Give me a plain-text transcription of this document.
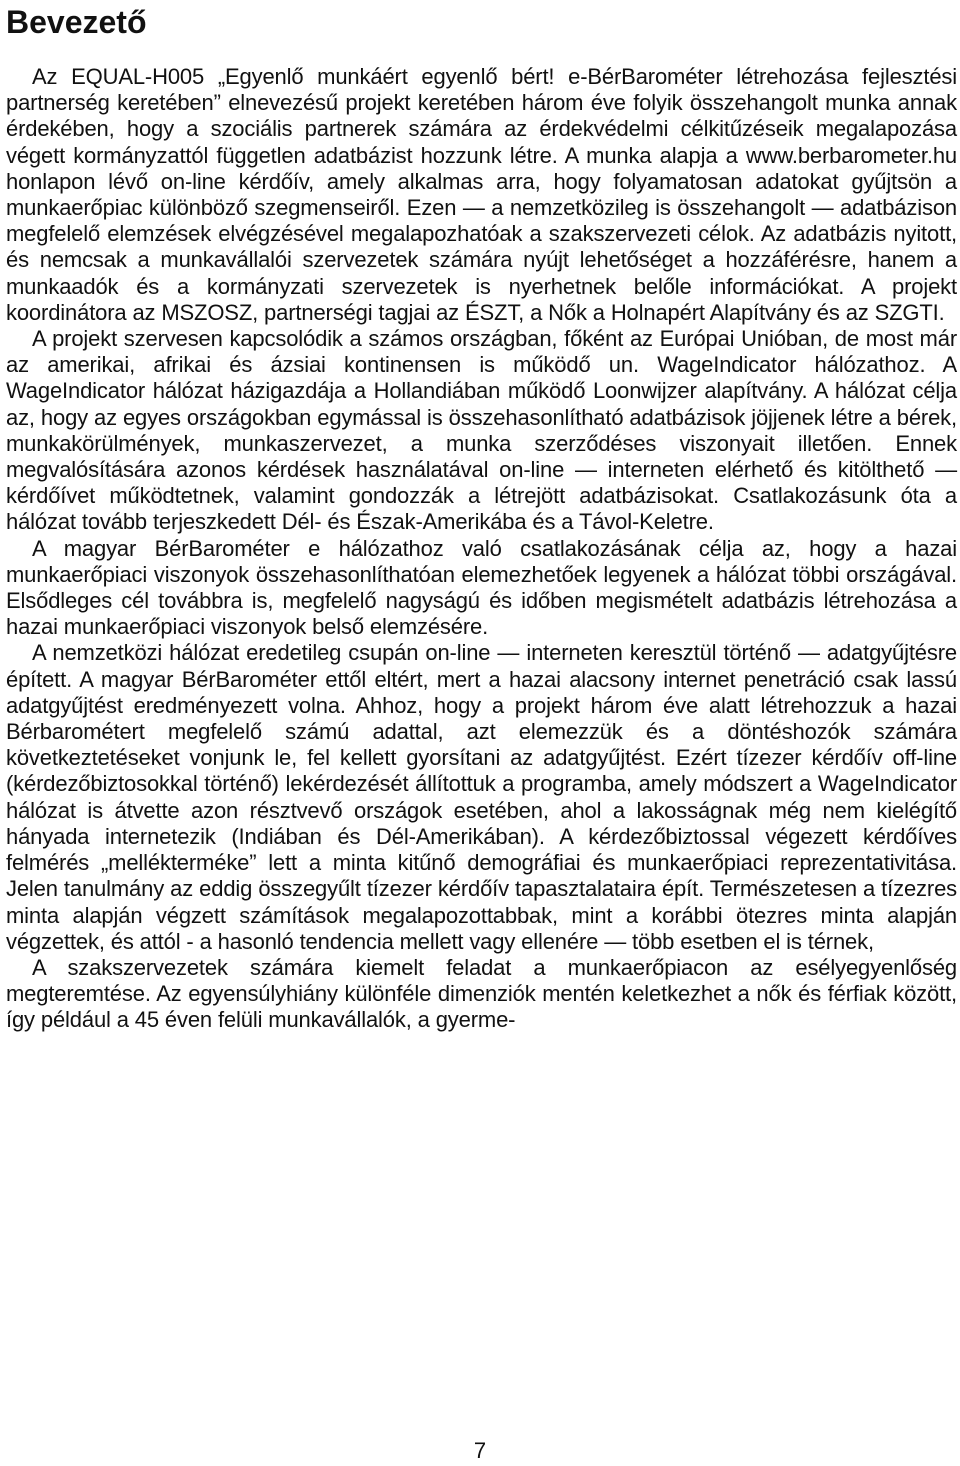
Bevezető

Az EQUAL-H005 „Egyenlő munkáért egyenlő bért! e-BérBarométer létrehozása fejlesztési partnerség keretében” elnevezésű projekt keretében három éve folyik összehangolt munka annak érdekében, hogy a szociális partnerek számára az érdekvédelmi célkitűzéseik megalapozása végett kormányzattól független adatbázist hozzunk létre. A munka alapja a www.berbarometer.hu honlapon lévő on-line kérdőív, amely alkalmas arra, hogy folyamatosan adatokat gyűjtsön a munkaerőpiac különböző szegmenseiről. Ezen — a nemzetközileg is összehangolt — adatbázison megfelelő elemzések elvégzésével megalapozhatóak a szakszervezeti célok. Az adatbázis nyitott, és nemcsak a munkavállalói szervezetek számára nyújt lehetőséget a hozzáférésre, hanem a munkaadók és a kormányzati szervezetek is nyerhetnek belőle információkat. A projekt koordinátora az MSZOSZ, partnerségi tagjai az ÉSZT, a Nők a Holnapért Alapítvány és az SZGTI.

A projekt szervesen kapcsolódik a számos országban, főként az Európai Unióban, de most már az amerikai, afrikai és ázsiai kontinensen is működő un. WageIndicator hálózathoz. A WageIndicator hálózat házigazdája a Hollandiában működő Loonwijzer alapítvány. A hálózat célja az, hogy az egyes országokban egymással is összehasonlítható adatbázisok jöjjenek létre a bérek, munkakörülmények, munkaszervezet, a munka szerződéses viszonyait illetően. Ennek megvalósítására azonos kérdések használatával on-line — interneten elérhető és kitölthető — kérdőívet működtetnek, valamint gondozzák a létrejött adatbázisokat. Csatlakozásunk óta a hálózat tovább terjeszkedett Dél- és Észak-Amerikába és a Távol-Keletre.

A magyar BérBarométer e hálózathoz való csatlakozásának célja az, hogy a hazai munkaerőpiaci viszonyok összehasonlíthatóan elemezhetőek legyenek a hálózat többi országával. Elsődleges cél továbbra is, megfelelő nagyságú és időben megismételt adatbázis létrehozása a hazai munkaerőpiaci viszonyok belső elemzésére.

A nemzetközi hálózat eredetileg csupán on-line — interneten keresztül történő — adatgyűjtésre épített. A magyar BérBarométer ettől eltért, mert a hazai alacsony internet penetráció csak lassú adatgyűjtést eredményezett volna. Ahhoz, hogy a projekt három éve alatt létrehozzuk a hazai Bérbarométert megfelelő számú adattal, azt elemezzük és a döntéshozók számára következtetéseket vonjunk le, fel kellett gyorsítani az adatgyűjtést. Ezért tízezer kérdőív off-line (kérdezőbiztosokkal történő) lekérdezését állítottuk a programba, amely módszert a WageIndicator hálózat is átvette azon résztvevő országok esetében, ahol a lakosságnak még nem kielégítő hányada internetezik (Indiában és Dél-Amerikában). A kérdezőbiztossal végezett kérdőíves felmérés „mellékterméke” lett a minta kitűnő demográfiai és munkaerőpiaci reprezentativitása. Jelen tanulmány az eddig összegyűlt tízezer kérdőív tapasztalataira épít. Természetesen a tízezres minta alapján végzett számítások megalapozottabbak, mint a korábbi ötezres minta alapján végzettek, és attól - a hasonló tendencia mellett vagy ellenére — több esetben el is térnek,

A szakszervezetek számára kiemelt feladat a munkaerőpiacon az esélyegyenlőség megteremtése. Az egyensúlyhiány különféle dimenziók mentén keletkezhet a nők és férfiak között, így például a 45 éven felüli munkavállalók, a gyerme-

7
